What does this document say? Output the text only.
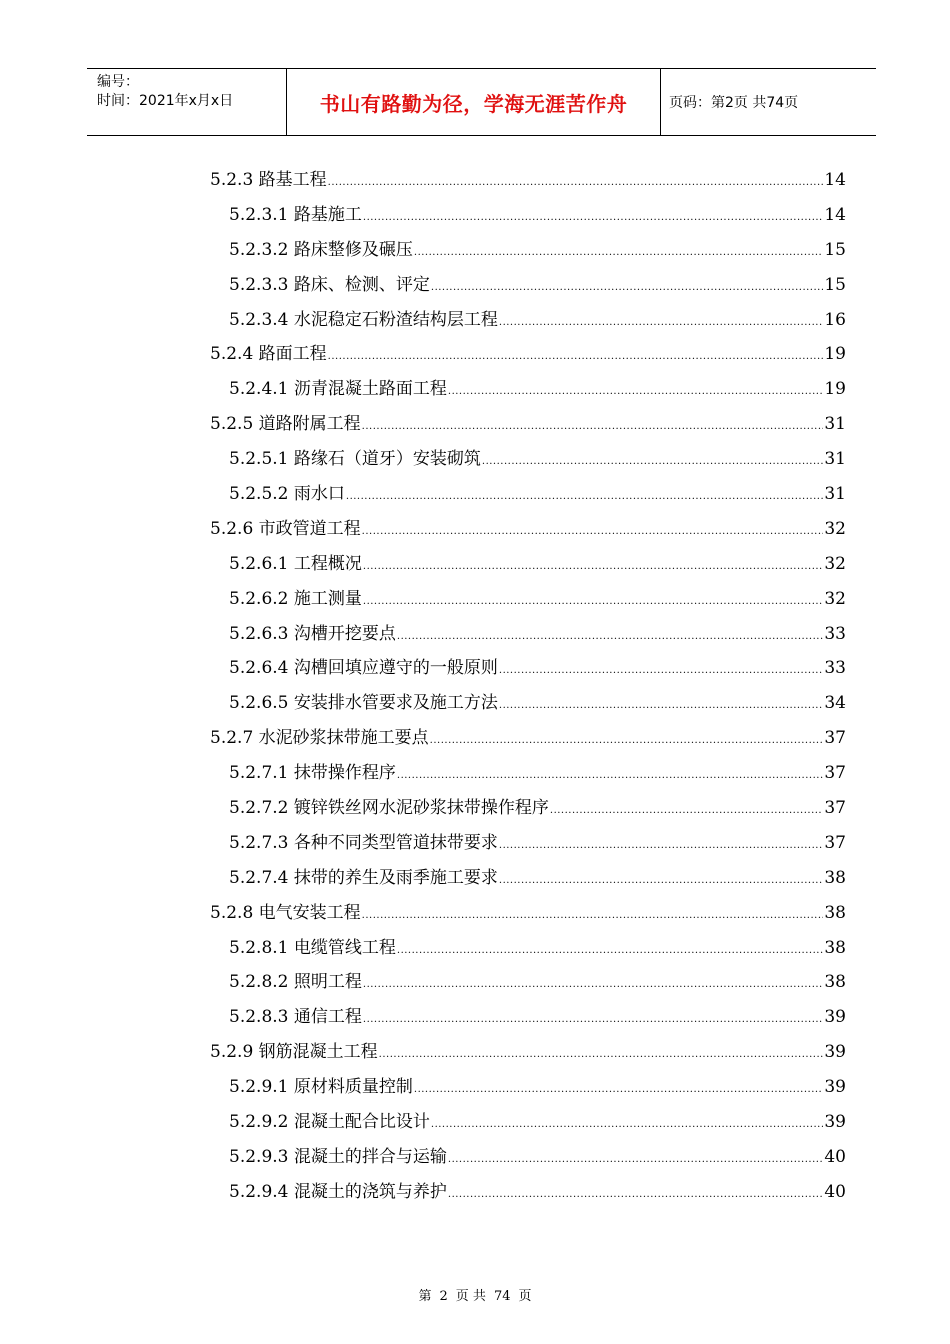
编号：
时间：2021年x月x日	书山有路勤为径，学海无涯苦作舟	页码：第2页 共74页
5.2.3 路基工程 .....	14
5.2.3.1 路基施工 .....	14
5.2.3.2 路床整修及碾压 .....	15
5.2.3.3 路床、检测、评定 .....	15
5.2.3.4 水泥稳定石粉渣结构层工程 .....	16
5.2.4 路面工程 .....	19
5.2.4.1 沥青混凝土路面工程 .....	19
5.2.5 道路附属工程 .....	31
5.2.5.1 路缘石（道牙）安装砌筑 .....	31
5.2.5.2 雨水口 .....	31
5.2.6 市政管道工程 .....	32
5.2.6.1 工程概况 .....	32
5.2.6.2 施工测量 .....	32
5.2.6.3 沟槽开挖要点 .....	33
5.2.6.4 沟槽回填应遵守的一般原则 .....	33
5.2.6.5 安装排水管要求及施工方法 .....	34
5.2.7 水泥砂浆抹带施工要点 .....	37
5.2.7.1 抹带操作程序 .....	37
5.2.7.2 镀锌铁丝网水泥砂浆抹带操作程序 .....	37
5.2.7.3 各种不同类型管道抹带要求 .....	37
5.2.7.4 抹带的养生及雨季施工要求 .....	38
5.2.8 电气安装工程 .....	38
5.2.8.1 电缆管线工程 .....	38
5.2.8.2 照明工程 .....	38
5.2.8.3 通信工程 .....	39
5.2.9 钢筋混凝土工程 .....	39
5.2.9.1 原材料质量控制 .....	39
5.2.9.2 混凝土配合比设计 .....	39
5.2.9.3 混凝土的拌合与运输 .....	40
5.2.9.4 混凝土的浇筑与养护 .....	40
第 2 页 共 74 页
